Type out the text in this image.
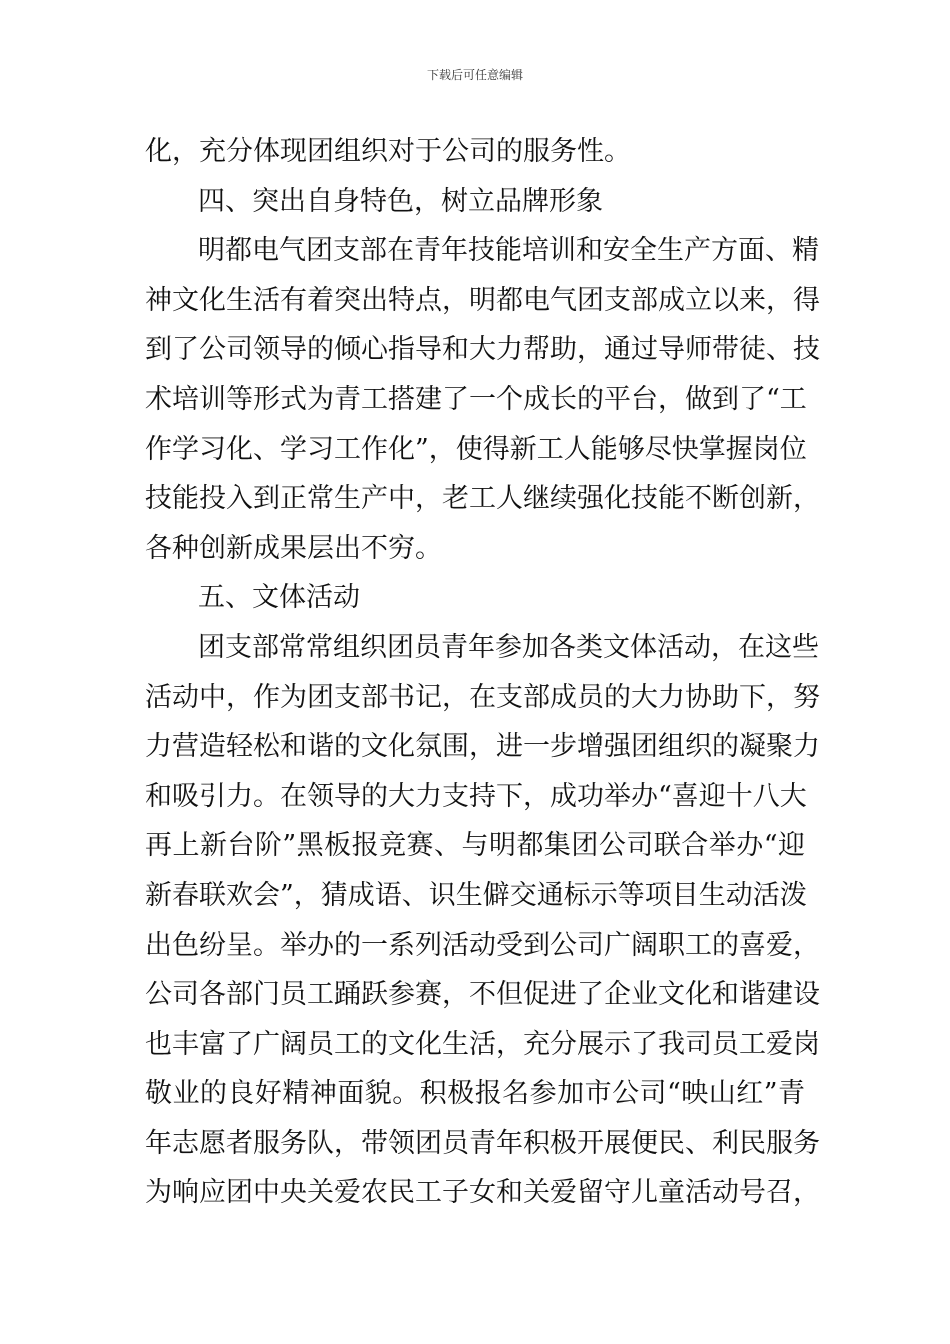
下载后可任意编辑
化，充分体现团组织对于公司的服务性。
四、突出自身特色，树立品牌形象
明都电气团支部在青年技能培训和安全生产方面、精
神文化生活有着突出特点，明都电气团支部成立以来，得
到了公司领导的倾心指导和大力帮助，通过导师带徒、技
术培训等形式为青工搭建了一个成长的平台，做到了“工
作学习化、学习工作化”，使得新工人能够尽快掌握岗位
技能投入到正常生产中，老工人继续强化技能不断创新，
各种创新成果层出不穷。
五、文体活动
团支部常常组织团员青年参加各类文体活动，在这些
活动中，作为团支部书记，在支部成员的大力协助下，努
力营造轻松和谐的文化氛围，进一步增强团组织的凝聚力
和吸引力。在领导的大力支持下，成功举办“喜迎十八大
再上新台阶”黑板报竞赛、与明都集团公司联合举办“迎
新春联欢会”，猜成语、识生僻交通标示等项目生动活泼
出色纷呈。举办的一系列活动受到公司广阔职工的喜爱，
公司各部门员工踊跃参赛，不但促进了企业文化和谐建设
也丰富了广阔员工的文化生活，充分展示了我司员工爱岗
敬业的良好精神面貌。积极报名参加市公司“映山红”青
年志愿者服务队，带领团员青年积极开展便民、利民服务
为响应团中央关爱农民工子女和关爱留守儿童活动号召，
